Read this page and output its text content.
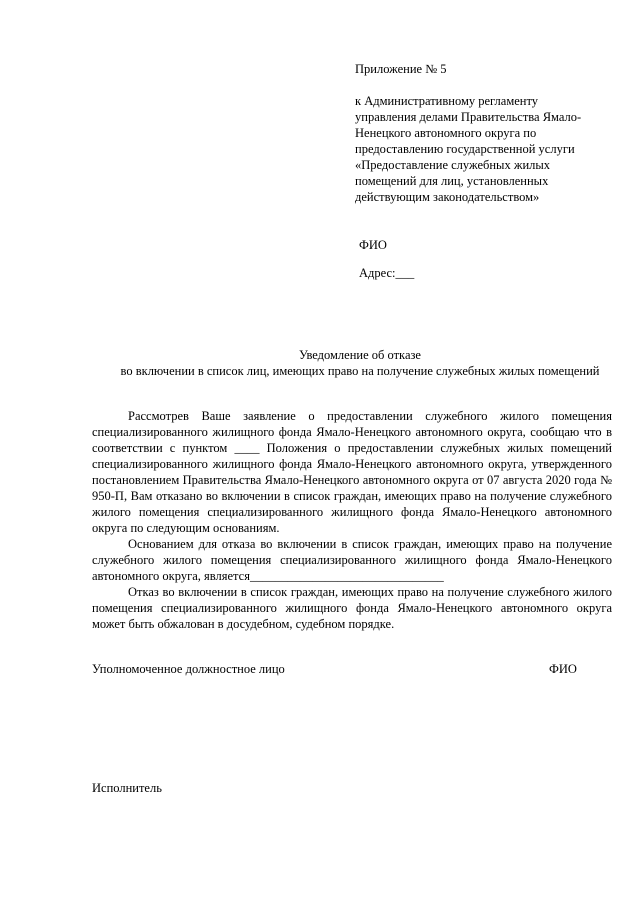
Приложение № 5

к Административному регламенту
управления делами Правительства Ямало-
Ненецкого автономного округа по
предоставлению государственной услуги
«Предоставление служебных жилых
помещений для лиц, установленных
действующим законодательством»

ФИО

Адрес:___

Уведомление об отказе

во включении в список лиц, имеющих право на получение служебных жилых помещений

Рассмотрев Ваше заявление о предоставлении служебного жилого помещения специализированного жилищного фонда Ямало-Ненецкого автономного округа, сообщаю что в соответствии с пунктом ____ Положения о предоставлении служебных жилых помещений специализированного жилищного фонда Ямало-Ненецкого автономного округа, утвержденного постановлением Правительства Ямало-Ненецкого автономного округа от 07 августа 2020 года № 950-П, Вам отказано во включении в список граждан, имеющих право на получение служебного жилого помещения специализированного жилищного фонда Ямало-Ненецкого автономного округа по следующим основаниям.

Основанием для отказа во включении в список граждан, имеющих право на получение служебного жилого помещения специализированного жилищного фонда Ямало-Ненецкого автономного округа, является_______________________________

Отказ во включении в список граждан, имеющих право на получение служебного жилого помещения специализированного жилищного фонда Ямало-Ненецкого автономного округа может быть обжалован в досудебном, судебном порядке.

Уполномоченное должностное лицо	ФИО

Исполнитель
